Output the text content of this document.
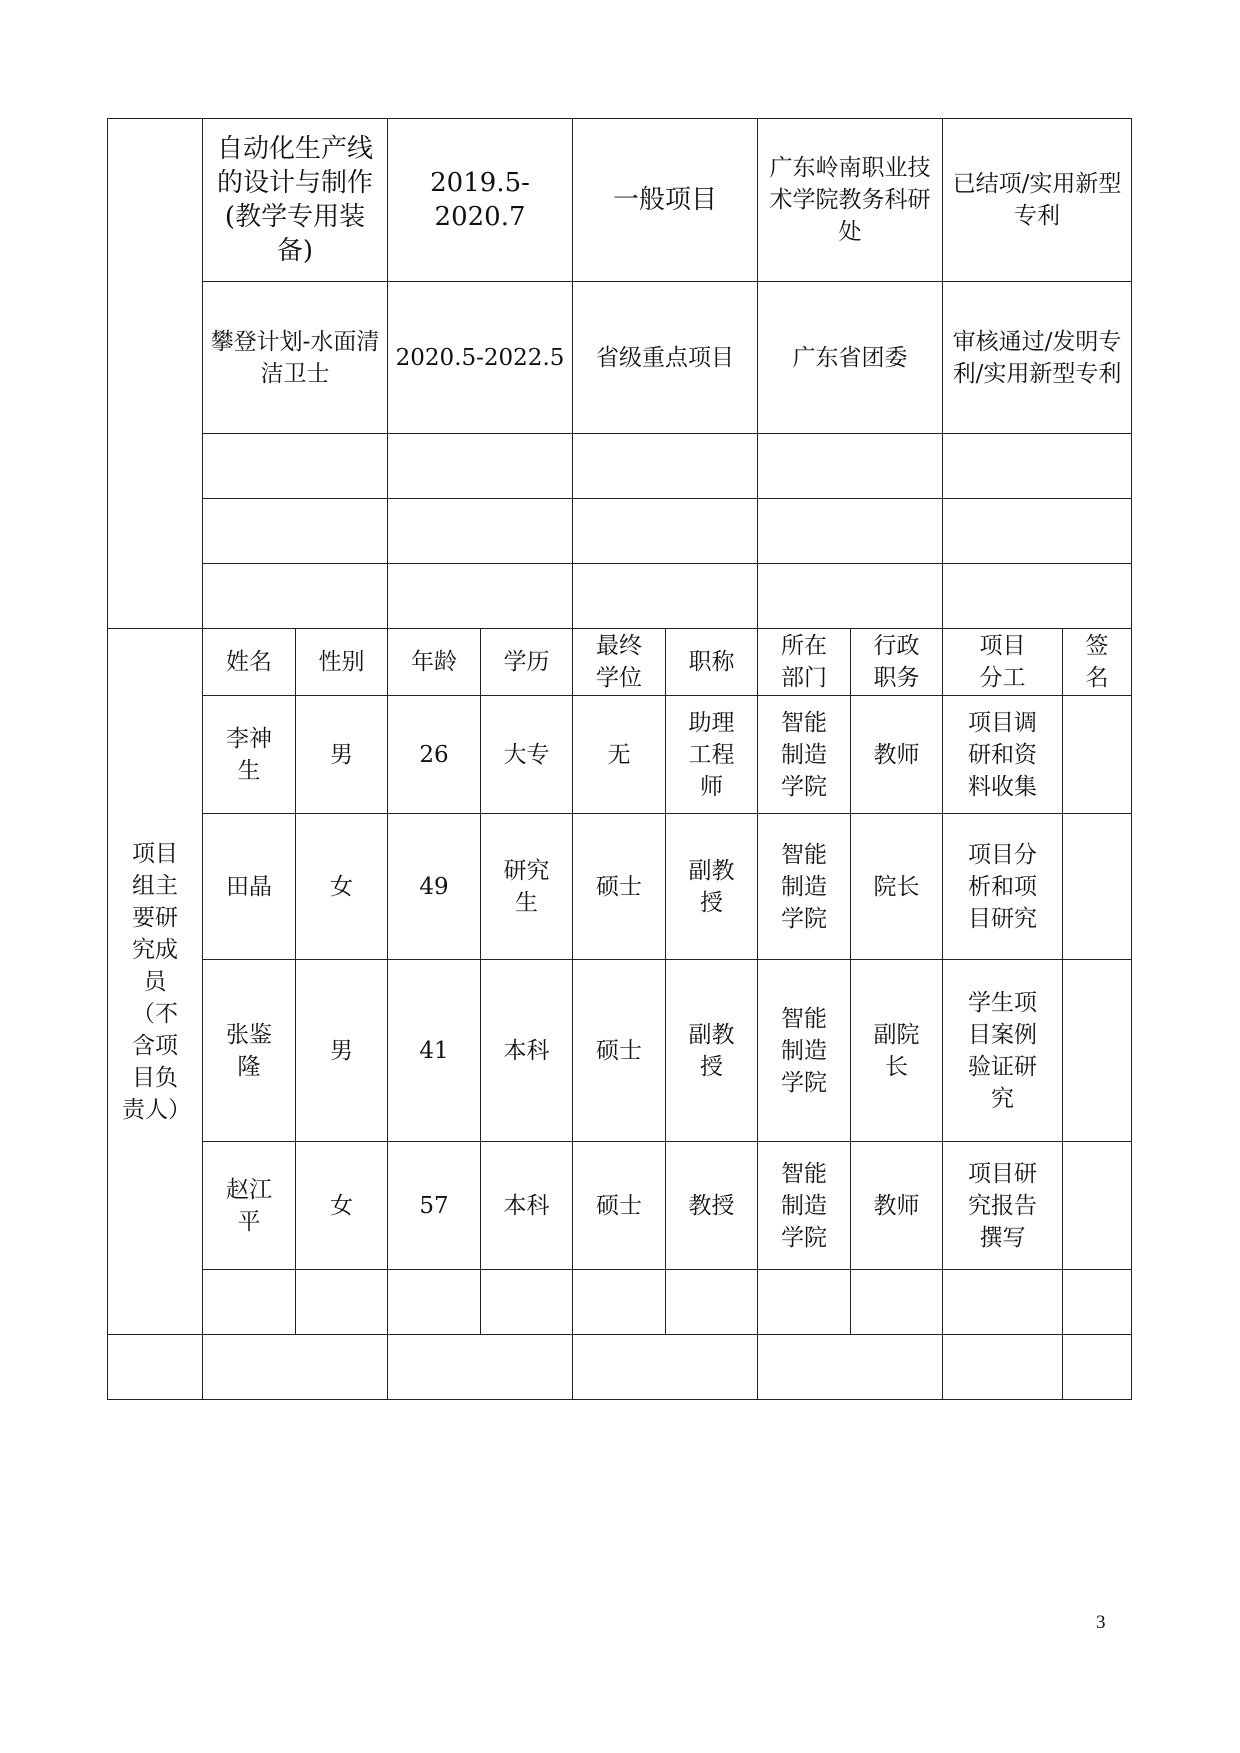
	自动化生产线的设计与制作(教学专用装备)		2019.5-2020.7		一般项目		广东岭南职业技术学院教务科研处		已结项/实用新型专利	
	攀登计划-水面清洁卫士		2020.5-2022.5		省级重点项目		广东省团委		审核通过/发明专利/实用新型专利	

项目组主要研究成员（不含项目负责人）	姓名	性别	年龄	学历	最终学位	职称	所在部门	行政职务	项目分工	签名
	李神生	男	26	大专	无	助理工程师	智能制造学院	教师	项目调研和资料收集	
	田晶	女	49	研究生	硕士	副教授	智能制造学院	院长	项目分析和项目研究	
	张鉴隆	男	41	本科	硕士	副教授	智能制造学院	副院长	学生项目案例验证研究	
	赵江平	女	57	本科	硕士	教授	智能制造学院	教师	项目研究报告撰写	

3
